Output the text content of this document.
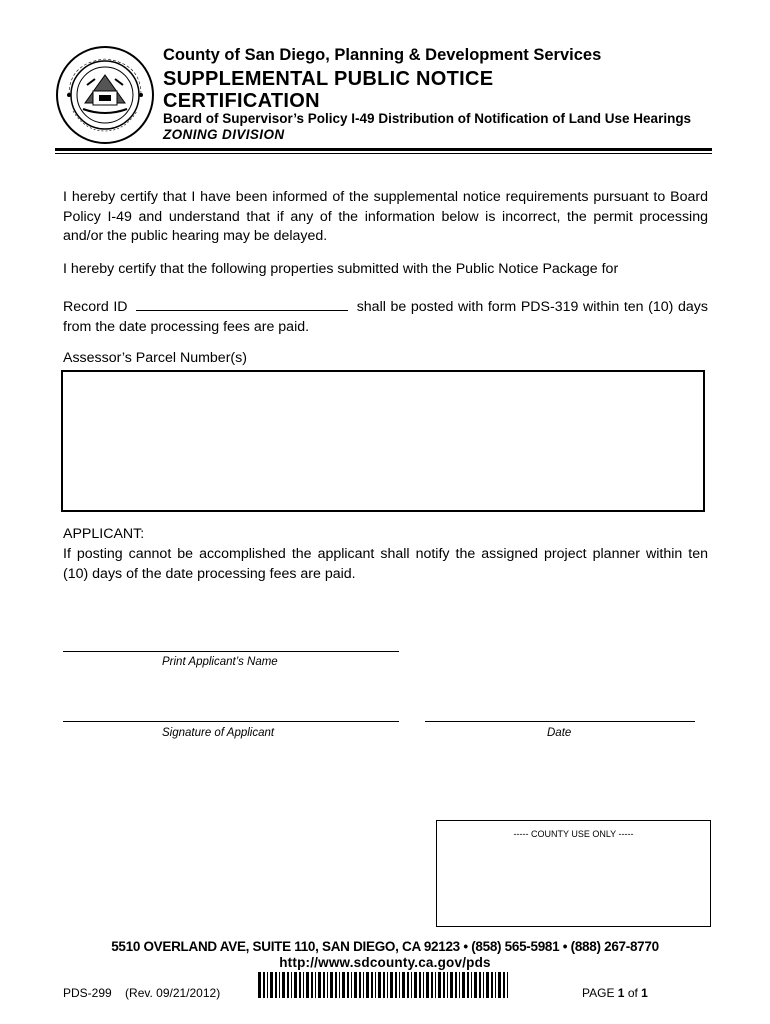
County of San Diego, Planning & Development Services
SUPPLEMENTAL PUBLIC NOTICE
CERTIFICATION
Board of Supervisor’s Policy I-49 Distribution of Notification of Land Use Hearings
ZONING DIVISION
I hereby certify that I have been informed of the supplemental notice requirements pursuant to Board Policy I-49 and understand that if any of the information below is incorrect, the permit processing and/or the public hearing may be delayed.
I hereby certify that the following properties submitted with the Public Notice Package for
Record ID	shall be posted with form PDS-319 within ten (10) days from the date processing fees are paid.
Assessor’s Parcel Number(s)
APPLICANT:
If posting cannot be accomplished the applicant shall notify the assigned project planner within ten (10) days of the date processing fees are paid.
Print Applicant’s Name
Signature of Applicant	Date
----- COUNTY USE ONLY -----
5510 OVERLAND AVE, SUITE 110, SAN DIEGO, CA 92123 • (858) 565-5981 • (888) 267-8770
http://www.sdcounty.ca.gov/pds
PDS-299    (Rev. 09/21/2012)	PAGE 1 of 1
